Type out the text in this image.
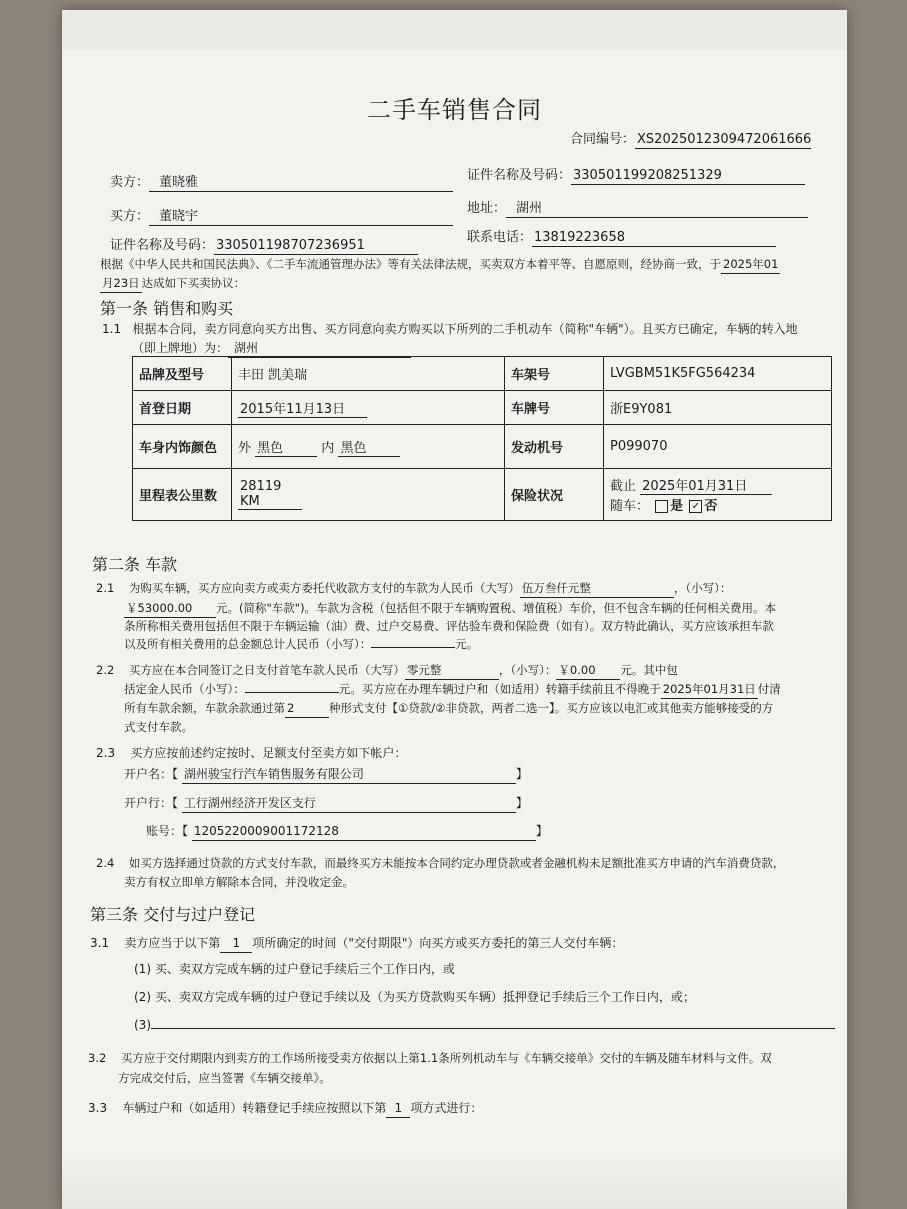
二手车销售合同
合同编号： XS2025012309472061666
卖方： 董晓雅	证件名称及号码： 330501199208251329
买方： 董晓宇
地址： 湖州
证件名称及号码： 330501198707236951
联系电话： 13819223658
根据《中华人民共和国民法典》、《二手车流通管理办法》等有关法律法规，买卖双方本着平等、自愿原则，经协商一致，于 2025年01
月23日 达成如下买卖协议：
第一条 销售和购买
1.1 根据本合同，卖方同意向买方出售、买方同意向卖方购买以下所列的二手机动车（简称"车辆"）。且买方已确定，车辆的转入地
（即上牌地）为： 湖州
品牌及型号	丰田 凯美瑞	车架号	LVGBM51K5FG564234
首登日期	2015年11月13日	车牌号	浙E9Y081
车身内饰颜色	外 黑色 内 黑色	发动机号	P099070
里程表公里数	28119 KM	保险状况	截止 2025年01月31日
随车： 是 ✓ 否
第二条 车款
2.1 为购买车辆，买方应向卖方或卖方委托代收款方支付的车款为人民币（大写） 伍万叁仟元整	，（小写）：
￥53000.00 元。(简称"车款")。车款为含税（包括但不限于车辆购置税、增值税）车价，但不包含车辆的任何相关费用。本
条所称相关费用包括但不限于车辆运输（油）费、过户交易费、评估验车费和保险费（如有）。双方特此确认，买方应该承担车款
以及所有相关费用的总金额总计人民币（小写）：	元。
2.2 买方应在本合同签订之日支付首笔车款人民币（大写） 零元整	，（小写）： ￥0.00 元。其中包
括定金人民币（小写）：	元。买方应在办理车辆过户和（如适用）转籍手续前且不得晚于 2025年01月31日 付清
所有车款余额，车款余款通过第 2	种形式支付【①贷款/②非贷款，两者二选一】。买方应该以电汇或其他卖方能够接受的方
式支付车款。
2.3 买方应按前述约定按时、足额支付至卖方如下帐户：
开户名：【 湖州骏宝行汽车销售服务有限公司	】
开户行：【 工行湖州经济开发区支行	】
账号：【 1205220009001172128	】
2.4 如买方选择通过贷款的方式支付车款，而最终买方未能按本合同约定办理贷款或者金融机构未足额批准买方申请的汽车消费贷款，
卖方有权立即单方解除本合同，并没收定金。
第三条 交付与过户登记
3.1 卖方应当于以下第 1 项所确定的时间（"交付期限"）向买方或买方委托的第三人交付车辆：
(1) 买、卖双方完成车辆的过户登记手续后三个工作日内，或
(2) 买、卖双方完成车辆的过户登记手续以及（为买方贷款购买车辆）抵押登记手续后三个工作日内，或；
(3)
3.2 买方应于交付期限内到卖方的工作场所接受卖方依据以上第1.1条所列机动车与《车辆交接单》交付的车辆及随车材料与文件。双
方完成交付后，应当签署《车辆交接单》。
3.3 车辆过户和（如适用）转籍登记手续应按照以下第 1 项方式进行：
